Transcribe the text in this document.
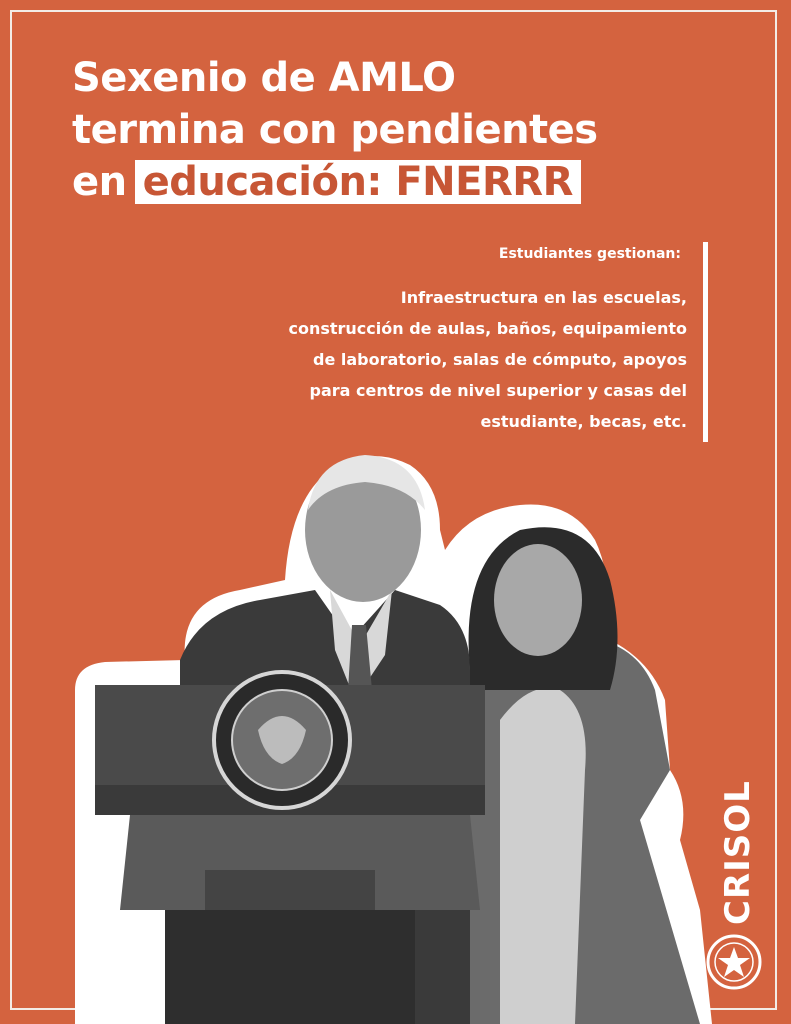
Sexenio de AMLO
termina con pendientes
en educación: FNERRR
Estudiantes gestionan:
Infraestructura en las escuelas,
construcción de aulas, baños, equipamiento
de laboratorio, salas de cómputo, apoyos
para centros de nivel superior y casas del
estudiante, becas, etc.
CRISOL
